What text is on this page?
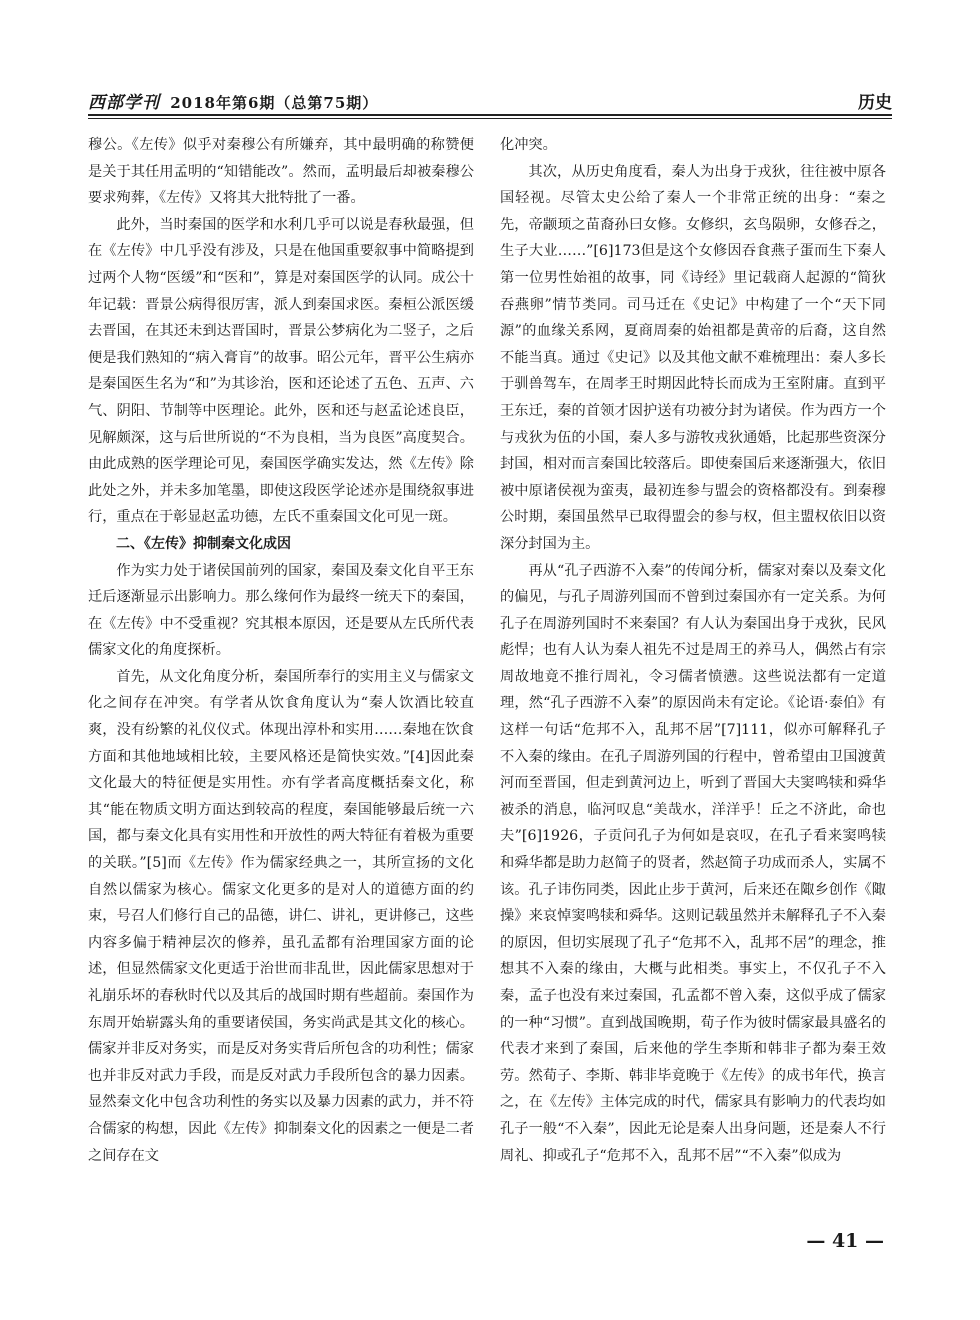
西部学刊 2018年第6期（总第75期）	历史

穆公。《左传》似乎对秦穆公有所嫌弃，其中最明确的称赞便是关于其任用孟明的“知错能改”。然而，孟明最后却被秦穆公要求殉葬，《左传》又将其大批特批了一番。

此外，当时秦国的医学和水利几乎可以说是春秋最强，但在《左传》中几乎没有涉及，只是在他国重要叙事中简略提到过两个人物“医缓”和“医和”，算是对秦国医学的认同。成公十年记载：晋景公病得很厉害，派人到秦国求医。秦桓公派医缓去晋国，在其还未到达晋国时，晋景公梦病化为二竖子，之后便是我们熟知的“病入膏肓”的故事。昭公元年，晋平公生病亦是秦国医生名为“和”为其诊治，医和还论述了五色、五声、六气、阴阳、节制等中医理论。此外，医和还与赵孟论述良臣，见解颇深，这与后世所说的“不为良相，当为良医”高度契合。由此成熟的医学理论可见，秦国医学确实发达，然《左传》除此处之外，并未多加笔墨，即使这段医学论述亦是围绕叙事进行，重点在于彰显赵孟功德，左氏不重秦国文化可见一斑。

二、《左传》抑制秦文化成因

作为实力处于诸侯国前列的国家，秦国及秦文化自平王东迁后逐渐显示出影响力。那么缘何作为最终一统天下的秦国，在《左传》中不受重视？究其根本原因，还是要从左氏所代表儒家文化的角度探析。

首先，从文化角度分析，秦国所奉行的实用主义与儒家文化之间存在冲突。有学者从饮食角度认为“秦人饮酒比较直爽，没有纷繁的礼仪仪式。体现出淳朴和实用……秦地在饮食方面和其他地域相比较，主要风格还是简快实效。”[4]因此秦文化最大的特征便是实用性。亦有学者高度概括秦文化，称其“能在物质文明方面达到较高的程度，秦国能够最后统一六国，都与秦文化具有实用性和开放性的两大特征有着极为重要的关联。”[5]而《左传》作为儒家经典之一，其所宣扬的文化自然以儒家为核心。儒家文化更多的是对人的道德方面的约束，号召人们修行自己的品德，讲仁、讲礼，更讲修己，这些内容多偏于精神层次的修养，虽孔孟都有治理国家方面的论述，但显然儒家文化更适于治世而非乱世，因此儒家思想对于礼崩乐坏的春秋时代以及其后的战国时期有些超前。秦国作为东周开始崭露头角的重要诸侯国，务实尚武是其文化的核心。儒家并非反对务实，而是反对务实背后所包含的功利性；儒家也并非反对武力手段，而是反对武力手段所包含的暴力因素。显然秦文化中包含功利性的务实以及暴力因素的武力，并不符合儒家的构想，因此《左传》抑制秦文化的因素之一便是二者之间存在文

化冲突。

其次，从历史角度看，秦人为出身于戎狄，往往被中原各国轻视。尽管太史公给了秦人一个非常正统的出身：“秦之先，帝颛顼之苗裔孙曰女修。女修织，玄鸟陨卵，女修吞之，生子大业……”[6]173但是这个女修因吞食燕子蛋而生下秦人第一位男性始祖的故事，同《诗经》里记载商人起源的“简狄吞燕卵”情节类同。司马迁在《史记》中构建了一个“天下同源”的血缘关系网，夏商周秦的始祖都是黄帝的后裔，这自然不能当真。通过《史记》以及其他文献不难梳理出：秦人多长于驯兽驾车，在周孝王时期因此特长而成为王室附庸。直到平王东迁，秦的首领才因护送有功被分封为诸侯。作为西方一个与戎狄为伍的小国，秦人多与游牧戎狄通婚，比起那些资深分封国，相对而言秦国比较落后。即使秦国后来逐渐强大，依旧被中原诸侯视为蛮夷，最初连参与盟会的资格都没有。到秦穆公时期，秦国虽然早已取得盟会的参与权，但主盟权依旧以资深分封国为主。

再从“孔子西游不入秦”的传闻分析，儒家对秦以及秦文化的偏见，与孔子周游列国而不曾到过秦国亦有一定关系。为何孔子在周游列国时不来秦国？有人认为秦国出身于戎狄，民风彪悍；也有人认为秦人祖先不过是周王的养马人，偶然占有宗周故地竟不推行周礼，令习儒者愤懑。这些说法都有一定道理，然“孔子西游不入秦”的原因尚未有定论。《论语·泰伯》有这样一句话“危邦不入，乱邦不居”[7]111，似亦可解释孔子不入秦的缘由。在孔子周游列国的行程中，曾希望由卫国渡黄河而至晋国，但走到黄河边上，听到了晋国大夫窦鸣犊和舜华被杀的消息，临河叹息“美哉水，洋洋乎！丘之不济此，命也夫”[6]1926，子贡问孔子为何如是哀叹，在孔子看来窦鸣犊和舜华都是助力赵简子的贤者，然赵简子功成而杀人，实属不该。孔子讳伤同类，因此止步于黄河，后来还在陬乡创作《陬操》来哀悼窦鸣犊和舜华。这则记载虽然并未解释孔子不入秦的原因，但切实展现了孔子“危邦不入，乱邦不居”的理念，推想其不入秦的缘由，大概与此相类。事实上，不仅孔子不入秦，孟子也没有来过秦国，孔孟都不曾入秦，这似乎成了儒家的一种“习惯”。直到战国晚期，荀子作为彼时儒家最具盛名的代表才来到了秦国，后来他的学生李斯和韩非子都为秦王效劳。然荀子、李斯、韩非毕竟晚于《左传》的成书年代，换言之，在《左传》主体完成的时代，儒家具有影响力的代表均如孔子一般“不入秦”，因此无论是秦人出身问题，还是秦人不行周礼、抑或孔子“危邦不入，乱邦不居”“不入秦”似成为

— 41 —
